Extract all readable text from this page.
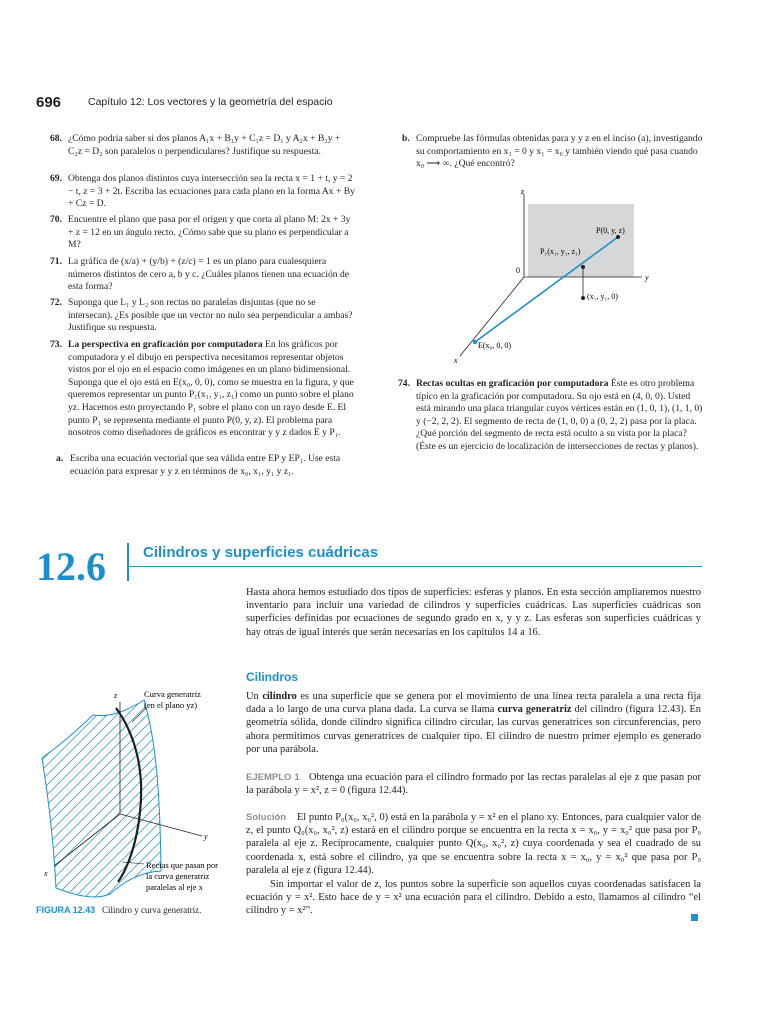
696	Capítulo 12: Los vectores y la geometría del espacio
68. ¿Cómo podría saber si dos planos A₁x + B₁y + C₁z = D₁ y A₂x + B₂y + C₂z = D₂ son paralelos o perpendiculares? Justifique su respuesta.
69. Obtenga dos planos distintos cuya intersección sea la recta x = 1 + t, y = 2 − t, z = 3 + 2t. Escriba las ecuaciones para cada plano en la forma Ax + By + Cz = D.
70. Encuentre el plano que pasa por el origen y que corta al plano M: 2x + 3y + z = 12 en un ángulo recto. ¿Cómo sabe que su plano es perpendicular a M?
71. La gráfica de (x/a) + (y/b) + (z/c) = 1 es un plano para cualesquiera números distintos de cero a, b y c. ¿Cuáles planos tienen una ecuación de esta forma?
72. Suponga que L₁ y L₂ son rectas no paralelas disjuntas (que no se intersecan). ¿Es posible que un vector no nulo sea perpendicular a ambas? Justifique su respuesta.
73. La perspectiva en graficación por computadora En los gráficos por computadora y el dibujo en perspectiva necesitamos representar objetos vistos por el ojo en el espacio como imágenes en un plano bidimensional. Suponga que el ojo está en E(x₀, 0, 0), como se muestra en la figura, y que queremos representar un punto P₁(x₁, y₁, z₁) como un punto sobre el plano yz. Hacemos esto proyectando P₁ sobre el plano con un rayo desde E. El punto P₁ se representa mediante el punto P(0, y, z). El problema para nosotros como diseñadores de gráficos es encontrar y y z dados E y P₁.
a. Escriba una ecuación vectorial que sea válida entre EP y EP₁. Use esta ecuación para expresar y y z en términos de x₀, x₁, y₁ y z₁.
b. Compruebe las fórmulas obtenidas para y y z en el inciso (a), investigando su comportamiento en x₁ = 0 y x₁ = x₀ y también viendo qué pasa cuando x₀ ⟶ ∞. ¿Qué encontró?
z
y
x
0
P(0, y, z)
P₁(x₁, y₁, z₁)
(x₁, y₁, 0)
E(x₀, 0, 0)
74. Rectas ocultas en graficación por computadora Éste es otro problema típico en la graficación por computadora. Su ojo está en (4, 0, 0). Usted está mirando una placa triangular cuyos vértices están en (1, 0, 1), (1, 1, 0) y (−2, 2, 2). El segmento de recta de (1, 0, 0) a (0, 2, 2) pasa por la placa. ¿Qué porción del segmento de recta está oculto a su vista por la placa? (Éste es un ejercicio de localización de intersecciones de rectas y planos).
12.6 Cilindros y superficies cuádricas
Hasta ahora hemos estudiado dos tipos de superficies: esferas y planos. En esta sección ampliaremos nuestro inventario para incluir una variedad de cilindros y superficies cuádricas. Las superficies cuádricas son superficies definidas por ecuaciones de segundo grado en x, y y z. Las esferas son superficies cuádricas y hay otras de igual interés que serán necesarias en los capítulos 14 a 16.
Cilindros
Un cilindro es una superficie que se genera por el movimiento de una línea recta paralela a una recta fija dada a lo largo de una curva plana dada. La curva se llama curva generatriz del cilindro (figura 12.43). En geometría sólida, donde cilindro significa cilindro circular, las curvas generatrices son circunferencias, pero ahora permitimos curvas generatrices de cualquier tipo. El cilindro de nuestro primer ejemplo es generado por una parábola.
EJEMPLO 1 Obtenga una ecuación para el cilindro formado por las rectas paralelas al eje z que pasan por la parábola y = x², z = 0 (figura 12.44).
Solución El punto P₀(x₀, x₀², 0) está en la parábola y = x² en el plano xy. Entonces, para cualquier valor de z, el punto Q₀(x₀, x₀², z) estará en el cilindro porque se encuentra en la recta x = x₀, y = x₀² que pasa por P₀ paralela al eje z. Recíprocamente, cualquier punto Q(x₀, x₀², z) cuya coordenada y sea el cuadrado de su coordenada x, está sobre el cilindro, ya que se encuentra sobre la recta x = x₀, y = x₀² que pasa por P₀ paralela al eje z (figura 12.44).
Sin importar el valor de z, los puntos sobre la superficie son aquellos cuyas coordenadas satisfacen la ecuación y = x². Esto hace de y = x² una ecuación para el cilindro. Debido a esto, llamamos al cilindro “el cilindro y = x²”.
z
y
x
Curva generatriz
(en el plano yz)
Rectas que pasan por
la curva generatriz
paralelas al eje x
FIGURA 12.43 Cilindro y curva generatriz.
